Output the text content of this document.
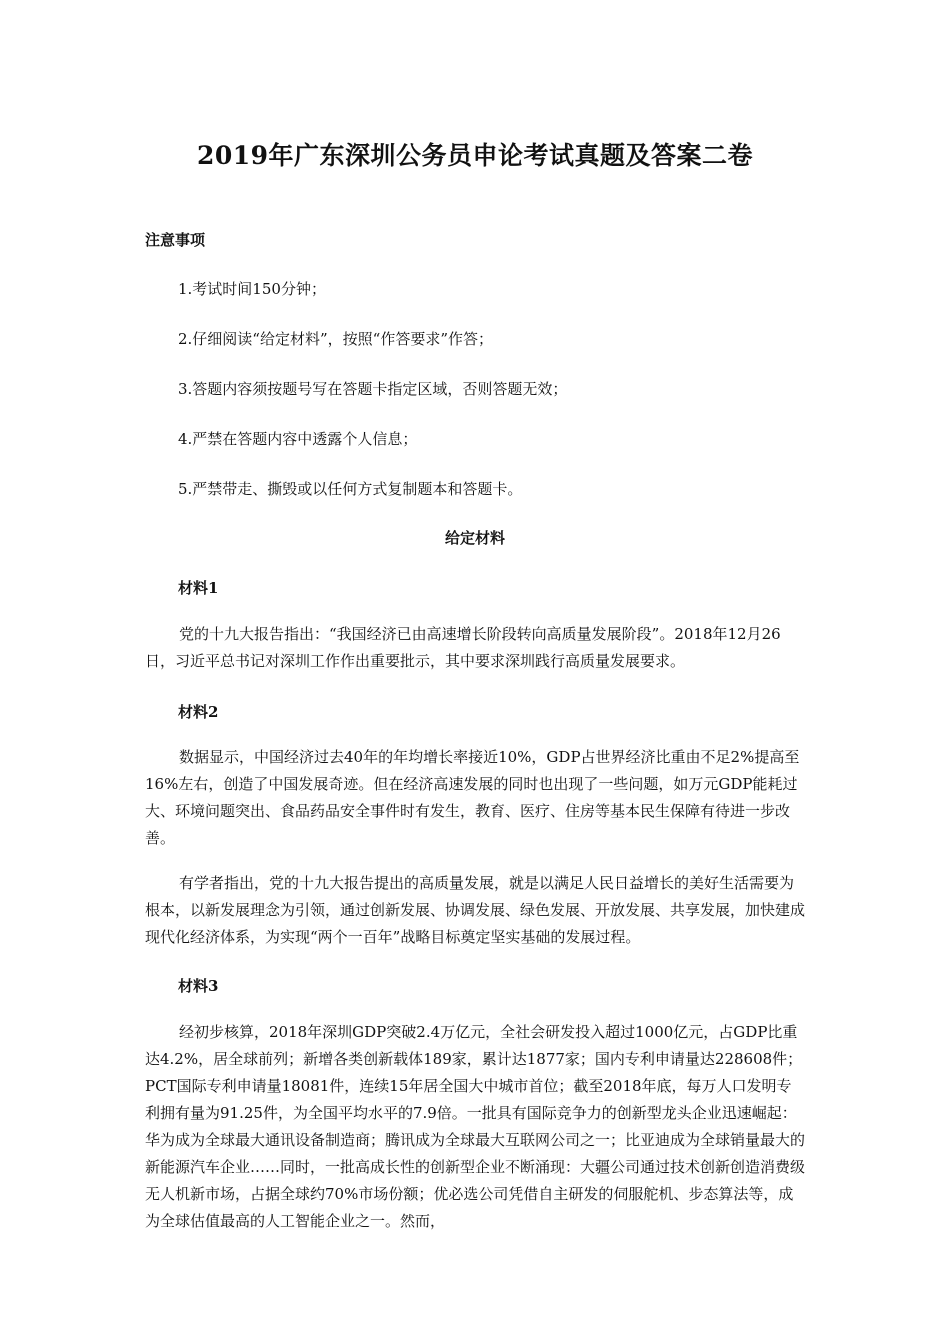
2019年广东深圳公务员申论考试真题及答案二卷
注意事项
1.考试时间150分钟；
2.仔细阅读“给定材料”，按照“作答要求”作答；
3.答题内容须按题号写在答题卡指定区域，否则答题无效；
4.严禁在答题内容中透露个人信息；
5.严禁带走、撕毁或以任何方式复制题本和答题卡。
给定材料
材料1
党的十九大报告指出：“我国经济已由高速增长阶段转向高质量发展阶段”。2018年12月26日，习近平总书记对深圳工作作出重要批示，其中要求深圳践行高质量发展要求。
材料2
数据显示，中国经济过去40年的年均增长率接近10%，GDP占世界经济比重由不足2%提高至16%左右，创造了中国发展奇迹。但在经济高速发展的同时也出现了一些问题，如万元GDP能耗过大、环境问题突出、食品药品安全事件时有发生，教育、医疗、住房等基本民生保障有待进一步改善。
有学者指出，党的十九大报告提出的高质量发展，就是以满足人民日益增长的美好生活需要为根本，以新发展理念为引领，通过创新发展、协调发展、绿色发展、开放发展、共享发展，加快建成现代化经济体系，为实现“两个一百年”战略目标奠定坚实基础的发展过程。
材料3
经初步核算，2018年深圳GDP突破2.4万亿元，全社会研发投入超过1000亿元，占GDP比重达4.2%，居全球前列；新增各类创新载体189家，累计达1877家；国内专利申请量达228608件；PCT国际专利申请量18081件，连续15年居全国大中城市首位；截至2018年底，每万人口发明专利拥有量为91.25件，为全国平均水平的7.9倍。一批具有国际竞争力的创新型龙头企业迅速崛起：华为成为全球最大通讯设备制造商；腾讯成为全球最大互联网公司之一；比亚迪成为全球销量最大的新能源汽车企业……同时，一批高成长性的创新型企业不断涌现：大疆公司通过技术创新创造消费级无人机新市场，占据全球约70%市场份额；优必选公司凭借自主研发的伺服舵机、步态算法等，成为全球估值最高的人工智能企业之一。然而，
